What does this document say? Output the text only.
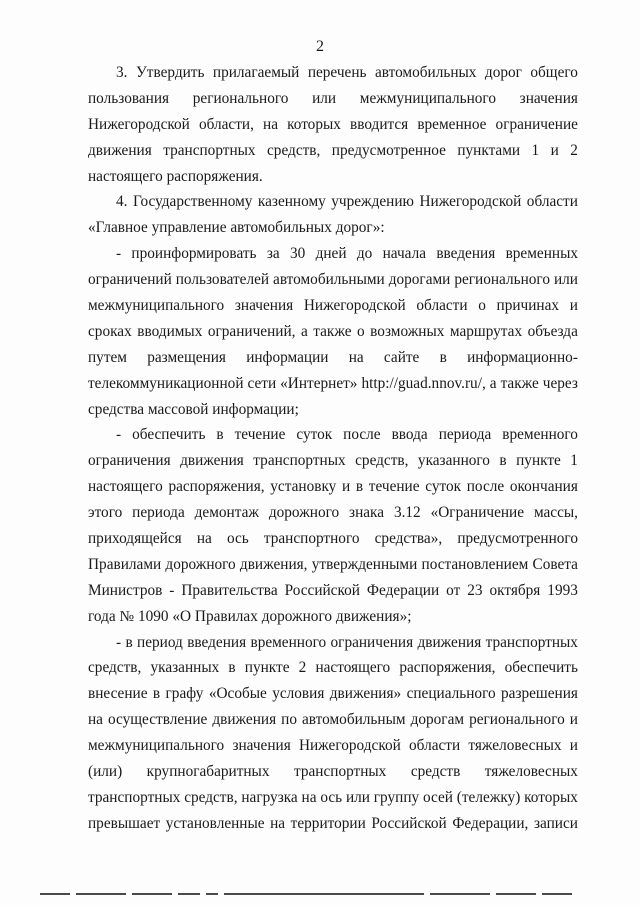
2
3. Утвердить прилагаемый перечень автомобильных дорог общего
пользования регионального или межмуниципального значения
Нижегородской области, на которых вводится временное ограничение
движения транспортных средств, предусмотренное пунктами 1 и 2
настоящего распоряжения.
4. Государственному казенному учреждению Нижегородской области
«Главное управление автомобильных дорог»:
- проинформировать за 30 дней до начала введения временных
ограничений пользователей автомобильными дорогами регионального или
межмуниципального значения Нижегородской области о причинах и
сроках вводимых ограничений, а также о возможных маршрутах объезда
путем размещения информации на сайте в информационно-
телекоммуникационной сети «Интернет» http://guad.nnov.ru/, а также через
средства массовой информации;
- обеспечить в течение суток после ввода периода временного
ограничения движения транспортных средств, указанного в пункте 1
настоящего распоряжения, установку и в течение суток после окончания
этого периода демонтаж дорожного знака 3.12 «Ограничение массы,
приходящейся на ось транспортного средства», предусмотренного
Правилами дорожного движения, утвержденными постановлением Совета
Министров - Правительства Российской Федерации от 23 октября 1993
года № 1090 «О Правилах дорожного движения»;
- в период введения временного ограничения движения транспортных
средств, указанных в пункте 2 настоящего распоряжения, обеспечить
внесение в графу «Особые условия движения» специального разрешения
на осуществление движения по автомобильным дорогам регионального и
межмуниципального значения Нижегородской области тяжеловесных и
(или) крупногабаритных транспортных средств тяжеловесных
транспортных средств, нагрузка на ось или группу осей (тележку) которых
превышает установленные на территории Российской Федерации, записи
